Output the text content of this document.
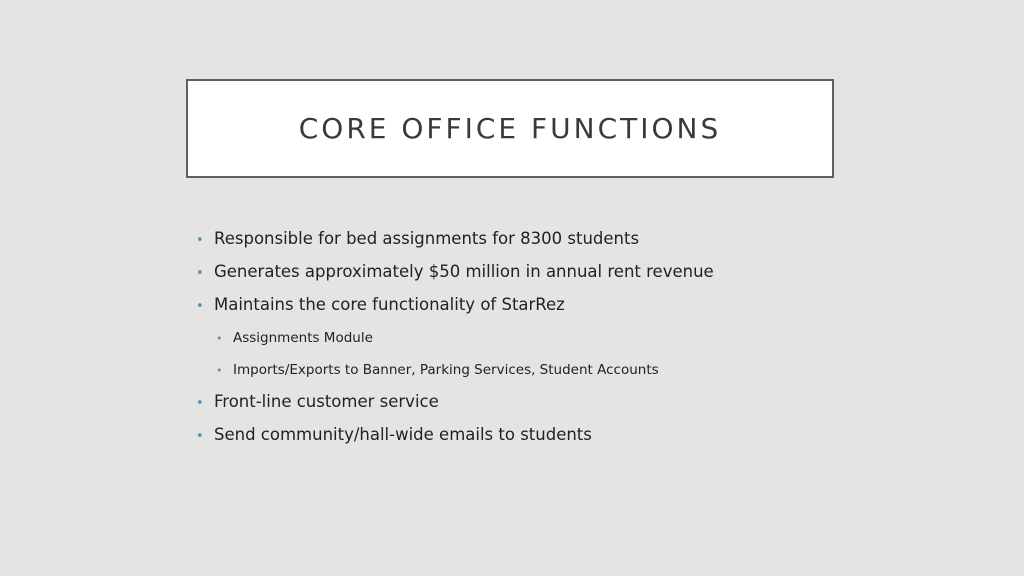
CORE OFFICE FUNCTIONS
• Responsible for bed assignments for 8300 students
• Generates approximately $50 million in annual rent revenue
• Maintains the core functionality of StarRez
• Assignments Module
• Imports/Exports to Banner, Parking Services, Student Accounts
• Front-line customer service
• Send community/hall-wide emails to students
